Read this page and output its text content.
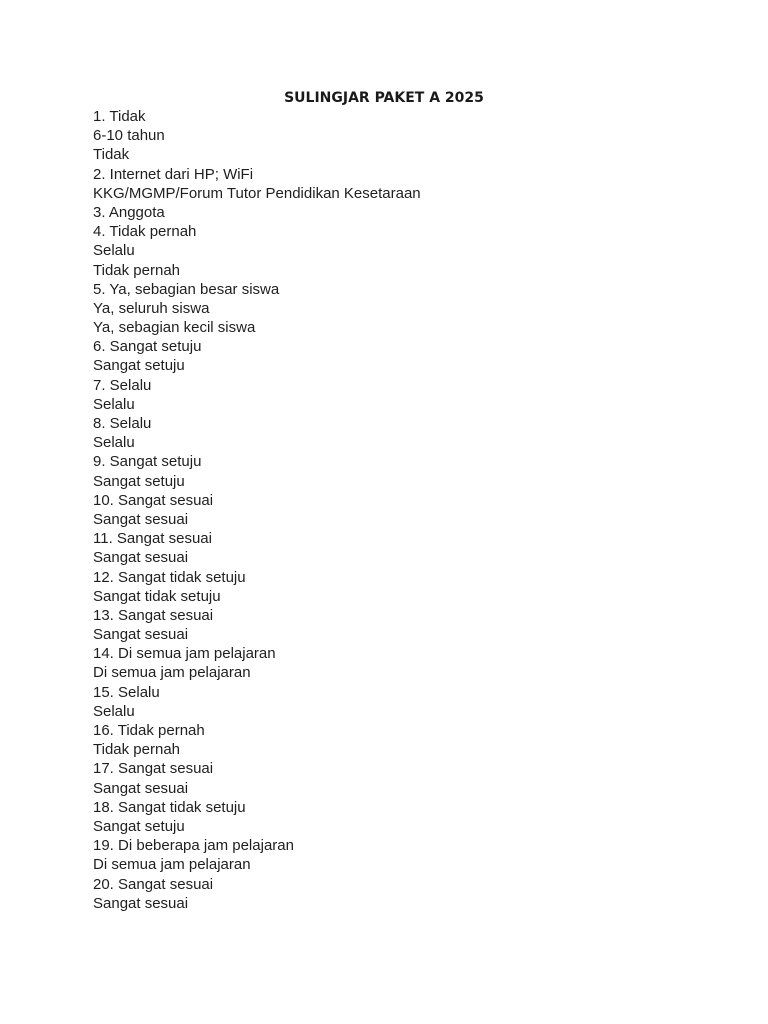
SULINGJAR PAKET A 2025
1. Tidak
6-10 tahun
Tidak
2. Internet dari HP; WiFi
KKG/MGMP/Forum Tutor Pendidikan Kesetaraan
3. Anggota
4. Tidak pernah
Selalu
Tidak pernah
5. Ya, sebagian besar siswa
Ya, seluruh siswa
Ya, sebagian kecil siswa
6. Sangat setuju
Sangat setuju
7. Selalu
Selalu
8. Selalu
Selalu
9. Sangat setuju
Sangat setuju
10. Sangat sesuai
Sangat sesuai
11. Sangat sesuai
Sangat sesuai
12. Sangat tidak setuju
Sangat tidak setuju
13. Sangat sesuai
Sangat sesuai
14. Di semua jam pelajaran
Di semua jam pelajaran
15. Selalu
Selalu
16. Tidak pernah
Tidak pernah
17. Sangat sesuai
Sangat sesuai
18. Sangat tidak setuju
Sangat setuju
19. Di beberapa jam pelajaran
Di semua jam pelajaran
20. Sangat sesuai
Sangat sesuai
